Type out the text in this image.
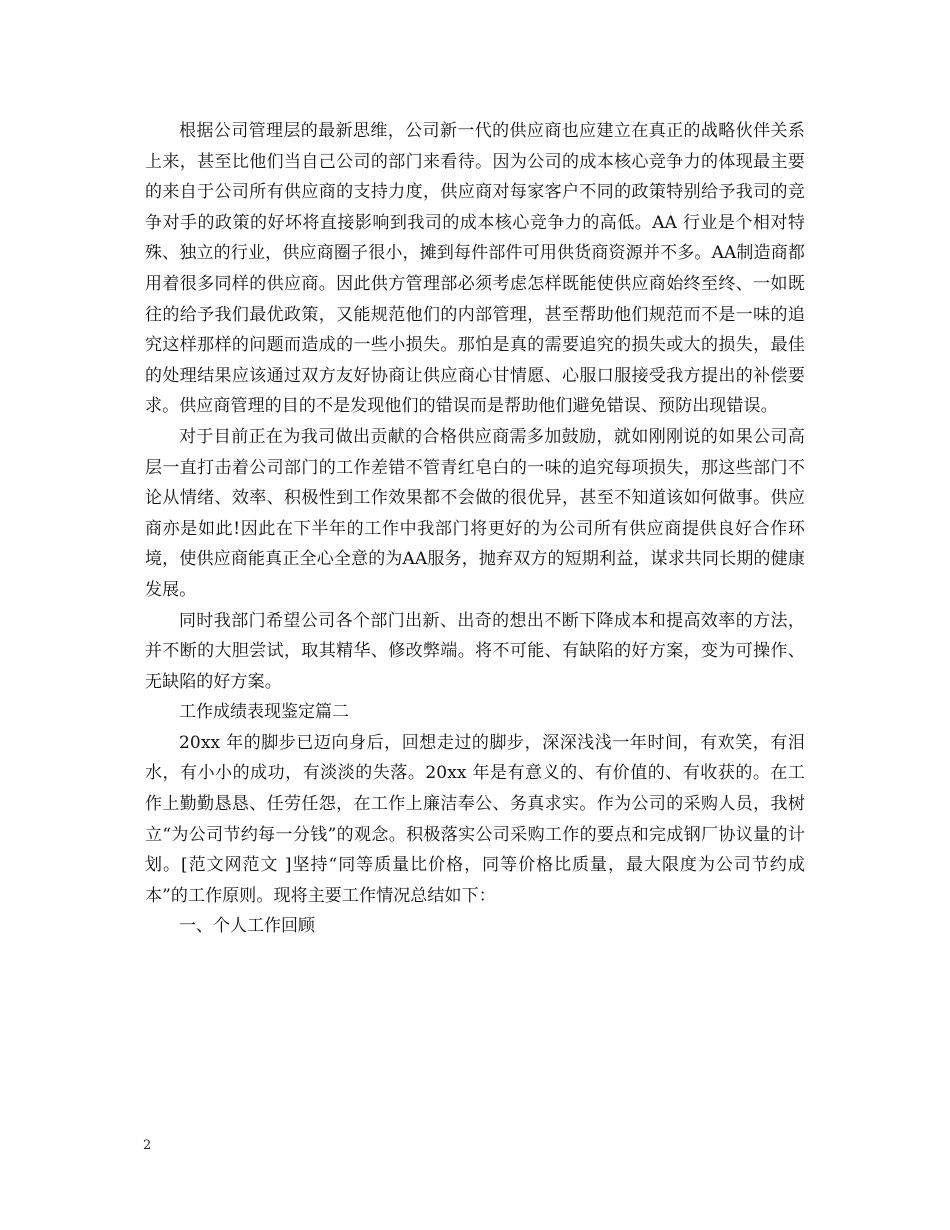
根据公司管理层的最新思维，公司新一代的供应商也应建立在真正的战略伙伴关系上来，甚至比他们当自己公司的部门来看待。因为公司的成本核心竞争力的体现最主要的来自于公司所有供应商的支持力度，供应商对每家客户不同的政策特别给予我司的竞争对手的政策的好坏将直接影响到我司的成本核心竞争力的高低。AA 行业是个相对特殊、独立的行业，供应商圈子很小，摊到每件部件可用供货商资源并不多。AA制造商都用着很多同样的供应商。因此供方管理部必须考虑怎样既能使供应商始终至终、一如既往的给予我们最优政策，又能规范他们的内部管理，甚至帮助他们规范而不是一味的追究这样那样的问题而造成的一些小损失。那怕是真的需要追究的损失或大的损失，最佳的处理结果应该通过双方友好协商让供应商心甘情愿、心服口服接受我方提出的补偿要求。供应商管理的目的不是发现他们的错误而是帮助他们避免错误、预防出现错误。

对于目前正在为我司做出贡献的合格供应商需多加鼓励，就如刚刚说的如果公司高层一直打击着公司部门的工作差错不管青红皂白的一味的追究每项损失，那这些部门不论从情绪、效率、积极性到工作效果都不会做的很优异，甚至不知道该如何做事。供应商亦是如此!因此在下半年的工作中我部门将更好的为公司所有供应商提供良好合作环境，使供应商能真正全心全意的为AA服务，抛弃双方的短期利益，谋求共同长期的健康发展。

同时我部门希望公司各个部门出新、出奇的想出不断下降成本和提高效率的方法，并不断的大胆尝试，取其精华、修改弊端。将不可能、有缺陷的好方案，变为可操作、无缺陷的好方案。

工作成绩表现鉴定篇二

20xx 年的脚步已迈向身后，回想走过的脚步，深深浅浅一年时间，有欢笑，有泪水，有小小的成功，有淡淡的失落。20xx 年是有意义的、有价值的、有收获的。在工作上勤勤恳恳、任劳任怨，在工作上廉洁奉公、务真求实。作为公司的采购人员，我树立“为公司节约每一分钱”的观念。积极落实公司采购工作的要点和完成钢厂协议量的计划。[范文网范文 ]坚持“同等质量比价格，同等价格比质量，最大限度为公司节约成本”的工作原则。现将主要工作情况总结如下：

一、个人工作回顾

2
